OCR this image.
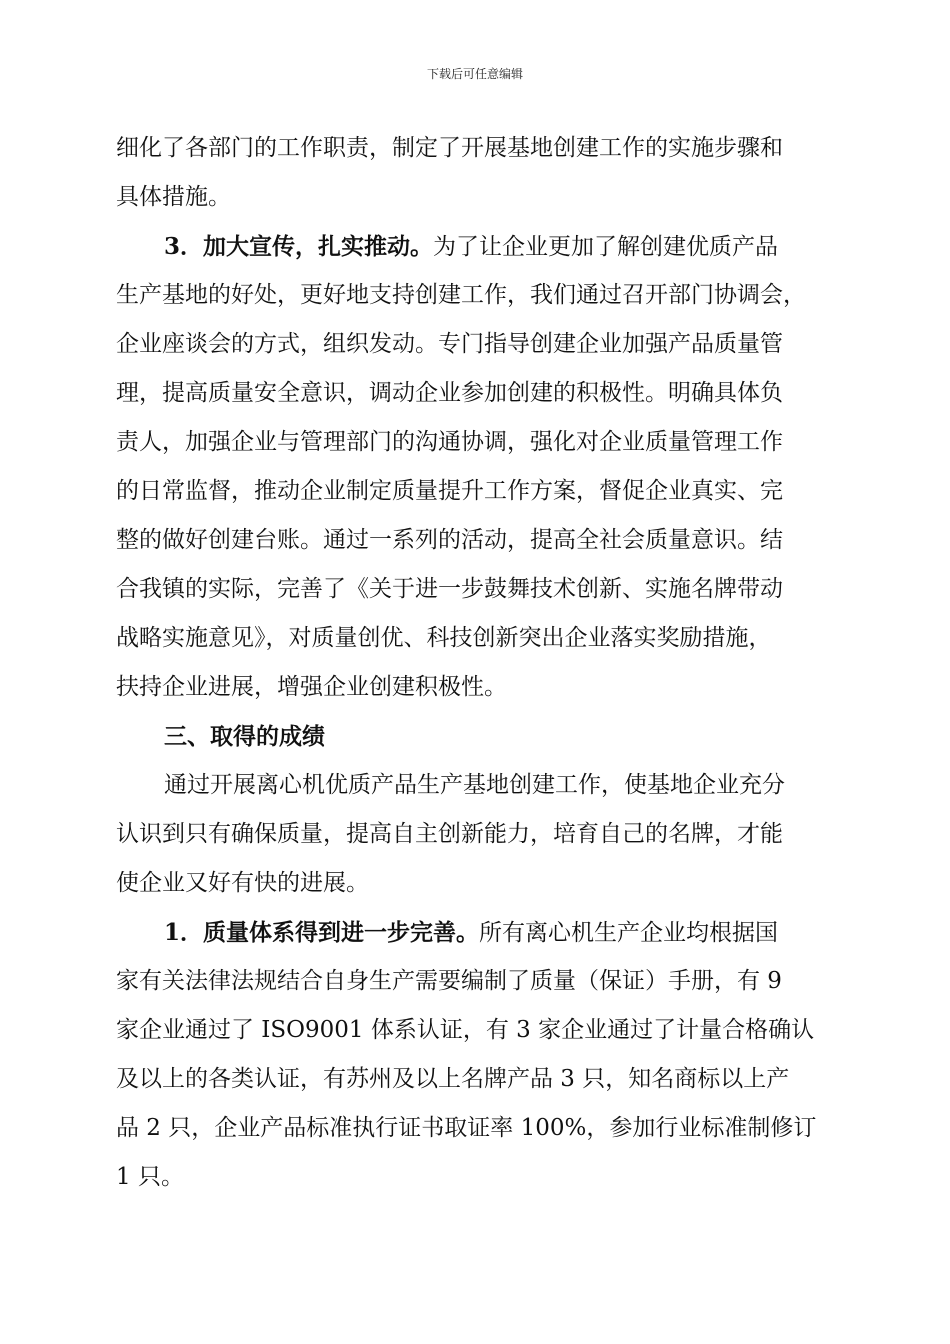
下载后可任意编辑
细化了各部门的工作职责，制定了开展基地创建工作的实施步骤和
具体措施。
3．加大宣传，扎实推动。为了让企业更加了解创建优质产品
生产基地的好处，更好地支持创建工作，我们通过召开部门协调会，
企业座谈会的方式，组织发动。专门指导创建企业加强产品质量管
理，提高质量安全意识，调动企业参加创建的积极性。明确具体负
责人，加强企业与管理部门的沟通协调，强化对企业质量管理工作
的日常监督，推动企业制定质量提升工作方案，督促企业真实、完
整的做好创建台账。通过一系列的活动，提高全社会质量意识。结
合我镇的实际，完善了《关于进一步鼓舞技术创新、实施名牌带动
战略实施意见》，对质量创优、科技创新突出企业落实奖励措施，
扶持企业进展，增强企业创建积极性。
三、取得的成绩
通过开展离心机优质产品生产基地创建工作，使基地企业充分
认识到只有确保质量，提高自主创新能力，培育自己的名牌，才能
使企业又好有快的进展。
1．质量体系得到进一步完善。所有离心机生产企业均根据国
家有关法律法规结合自身生产需要编制了质量（保证）手册，有 9
家企业通过了 ISO9001 体系认证，有 3 家企业通过了计量合格确认
及以上的各类认证，有苏州及以上名牌产品 3 只，知名商标以上产
品 2 只，企业产品标准执行证书取证率 100%，参加行业标准制修订
1 只。
